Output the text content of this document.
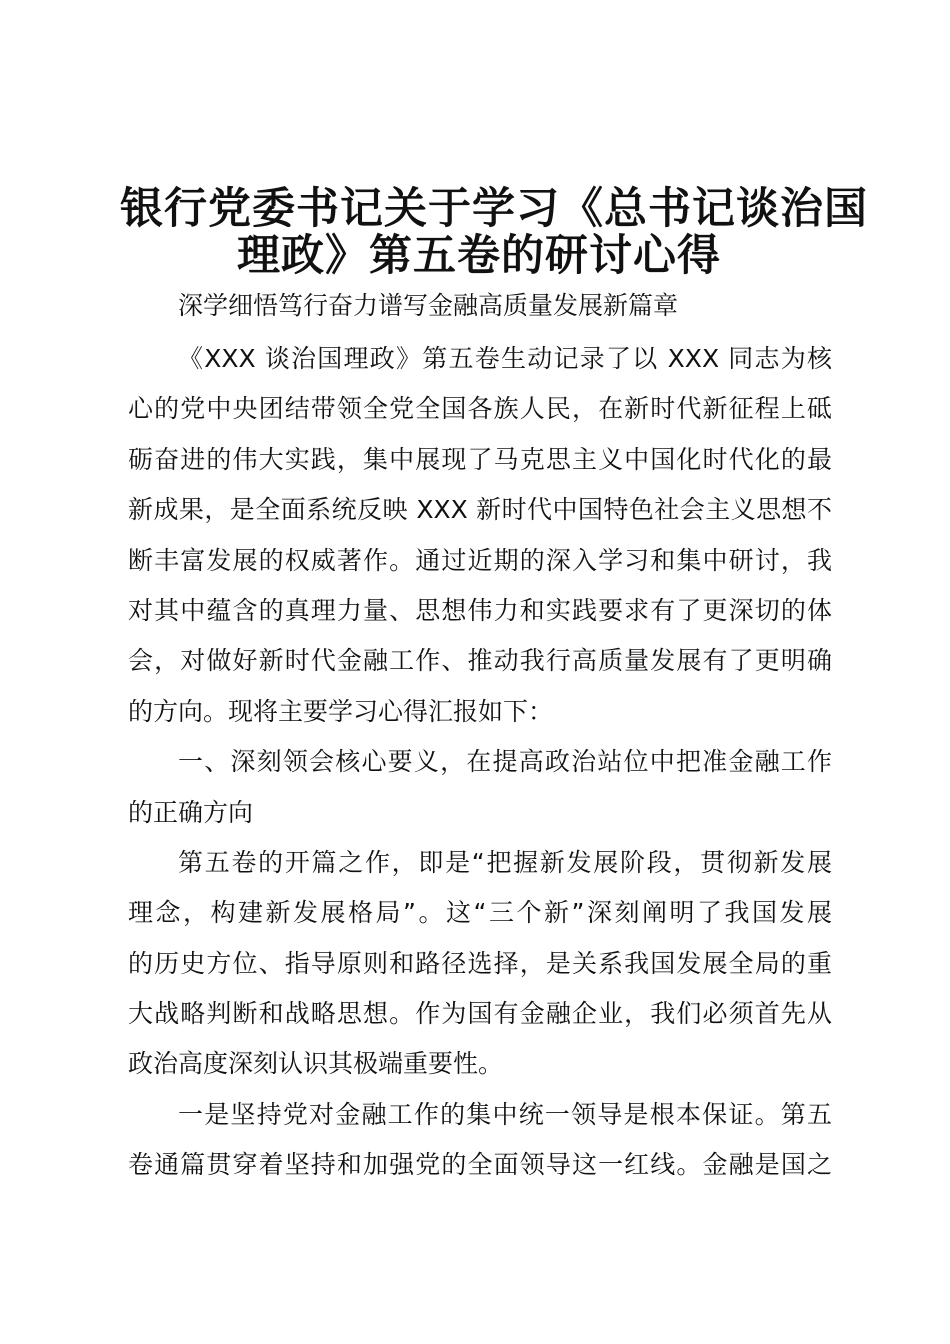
银行党委书记关于学习《总书记谈治国
理政》第五卷的研讨心得
深学细悟笃行奋力谱写金融高质量发展新篇章
《XXX 谈治国理政》第五卷生动记录了以 XXX 同志为核
心的党中央团结带领全党全国各族人民，在新时代新征程上砥
砺奋进的伟大实践，集中展现了马克思主义中国化时代化的最
新成果，是全面系统反映 XXX 新时代中国特色社会主义思想不
断丰富发展的权威著作。通过近期的深入学习和集中研讨，我
对其中蕴含的真理力量、思想伟力和实践要求有了更深切的体
会，对做好新时代金融工作、推动我行高质量发展有了更明确
的方向。现将主要学习心得汇报如下：
一、深刻领会核心要义，在提高政治站位中把准金融工作
的正确方向
第五卷的开篇之作，即是“把握新发展阶段，贯彻新发展
理念，构建新发展格局”。这“三个新”深刻阐明了我国发展
的历史方位、指导原则和路径选择，是关系我国发展全局的重
大战略判断和战略思想。作为国有金融企业，我们必须首先从
政治高度深刻认识其极端重要性。
一是坚持党对金融工作的集中统一领导是根本保证。第五
卷通篇贯穿着坚持和加强党的全面领导这一红线。金融是国之
